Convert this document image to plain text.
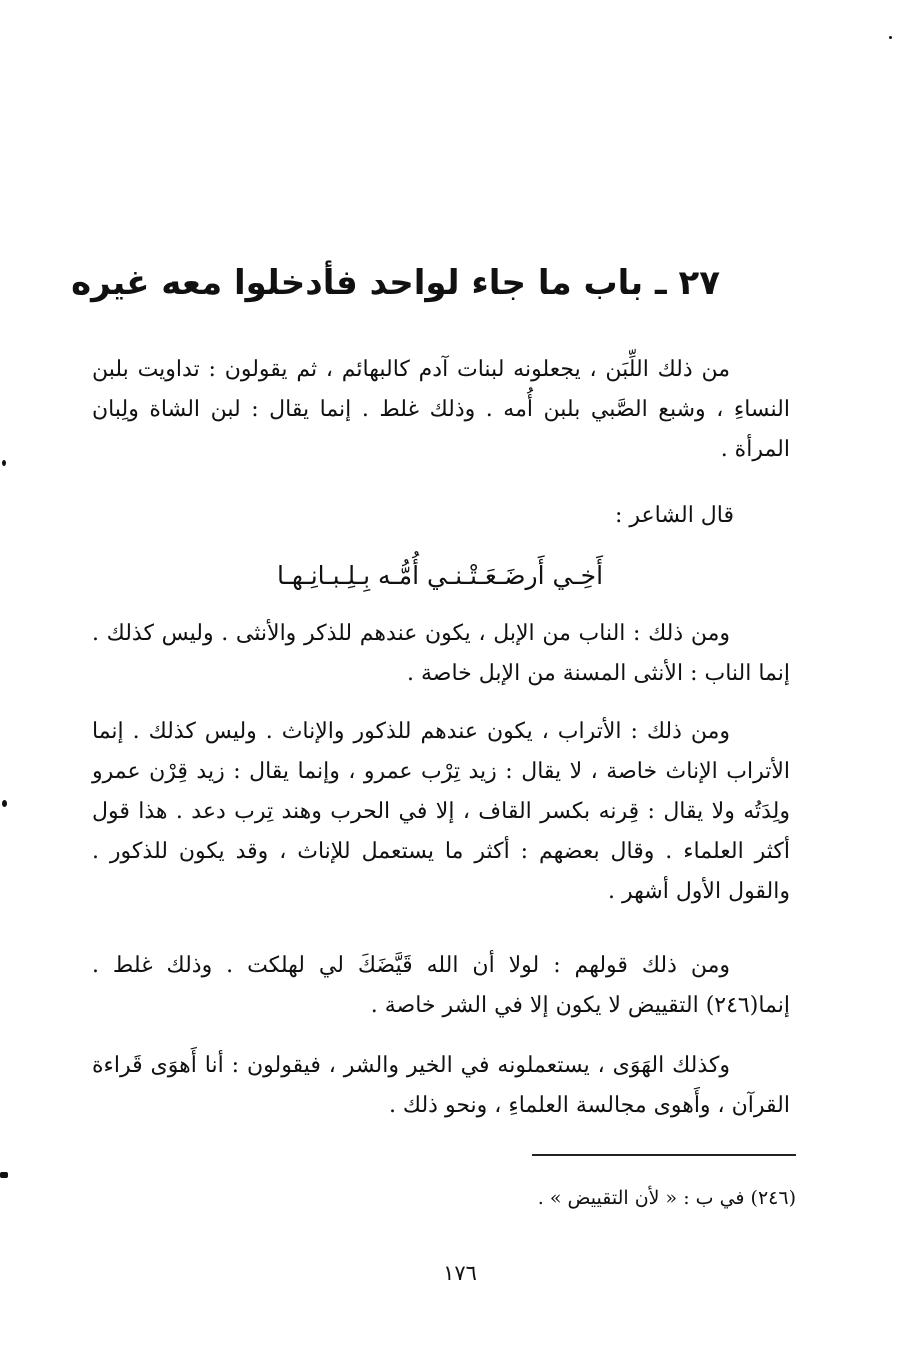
٢٧ ـ باب ما جاء لواحد فأدخلوا معه غيره

من ذلك اللِّبَن ، يجعلونه لبنات آدم كالبهائم ، ثم يقولون : تداويت بلبن النساءِ ، وشبع الصَّبي بلبن أُمه . وذلك غلط . إنما يقال : لبن الشاة ولِبان المرأة .

قال الشاعر :
أَخِـي أَرضَـعَـتْـنـي أُمُّـه بِـلِـبـانِـهـا

ومن ذلك : الناب من الإبل ، يكون عندهم للذكر والأنثى . وليس كذلك . إنما الناب : الأنثى المسنة من الإبل خاصة .

ومن ذلك : الأتراب ، يكون عندهم للذكور والإناث . وليس كذلك . إنما الأتراب الإناث خاصة ، لا يقال : زيد تِرْب عمرو ، وإنما يقال : زيد قِرْن عمرو ولِدَتُه ولا يقال : قِرنه بكسر القاف ، إلا في الحرب وهند تِرب دعد . هذا قول أكثر العلماء . وقال بعضهم : أكثر ما يستعمل للإناث ، وقد يكون للذكور . والقول الأول أشهر .

ومن ذلك قولهم : لولا أن الله قَيَّضَكَ لي لهلكت . وذلك غلط . إنما(٢٤٦) التقييض لا يكون إلا في الشر خاصة .

وكذلك الهَوَى ، يستعملونه في الخير والشر ، فيقولون : أنا أَهوَى قَراءة القرآن ، وأَهوى مجالسة العلماءِ ، ونحو ذلك .

(٢٤٦) في ب : « لأن التقييض » .
١٧٦
